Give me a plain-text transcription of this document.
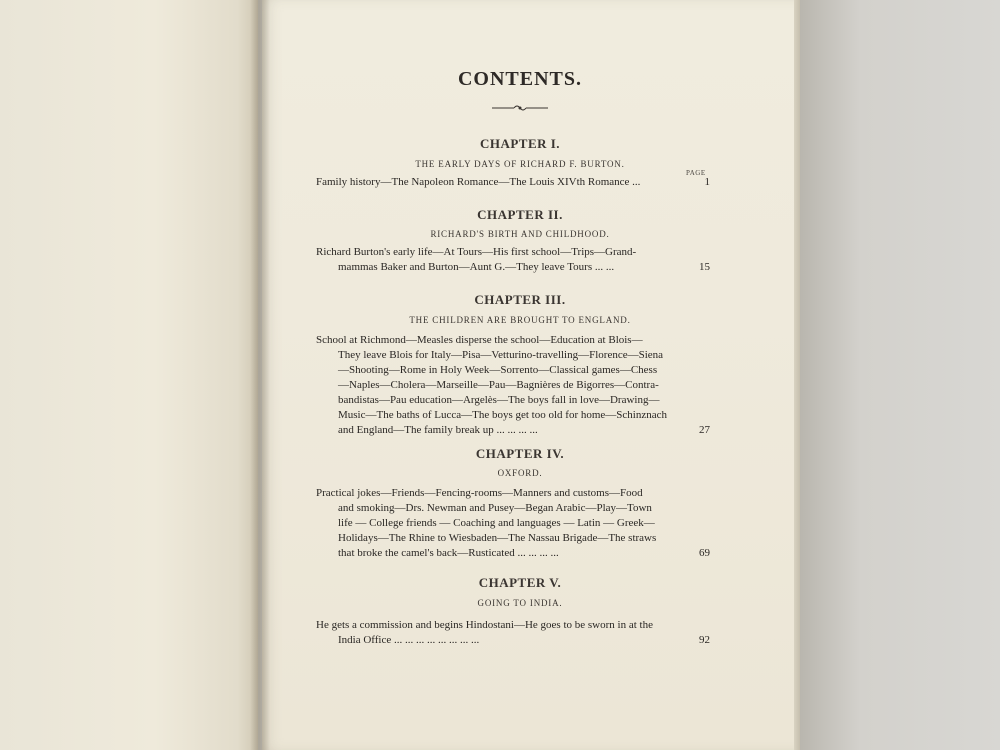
CONTENTS.
CHAPTER I.

THE EARLY DAYS OF RICHARD F. BURTON.

PAGE
Family history—The Napoleon Romance—The Louis XIVth Romance ...	1
CHAPTER II.

RICHARD'S BIRTH AND CHILDHOOD.

Richard Burton's early life—At Tours—His first school—Trips—Grand-
mammas Baker and Burton—Aunt G.—They leave Tours ... ...	15
CHAPTER III.

THE CHILDREN ARE BROUGHT TO ENGLAND.

School at Richmond—Measles disperse the school—Education at Blois—
They leave Blois for Italy—Pisa—Vetturino-travelling—Florence—Siena
—Shooting—Rome in Holy Week—Sorrento—Classical games—Chess
—Naples—Cholera—Marseille—Pau—Bagnières de Bigorres—Contra-
bandistas—Pau education—Argelès—The boys fall in love—Drawing—
Music—The baths of Lucca—The boys get too old for home—Schinznach
and England—The family break up ... ... ... ...	27
CHAPTER IV.

OXFORD.

Practical jokes—Friends—Fencing-rooms—Manners and customs—Food
and smoking—Drs. Newman and Pusey—Began Arabic—Play—Town
life — College friends — Coaching and languages — Latin — Greek—
Holidays—The Rhine to Wiesbaden—The Nassau Brigade—The straws
that broke the camel's back—Rusticated ... ... ... ...	69
CHAPTER V.

GOING TO INDIA.

He gets a commission and begins Hindostani—He goes to be sworn in at the
India Office ... ... ... ... ... ... ... ...	92
